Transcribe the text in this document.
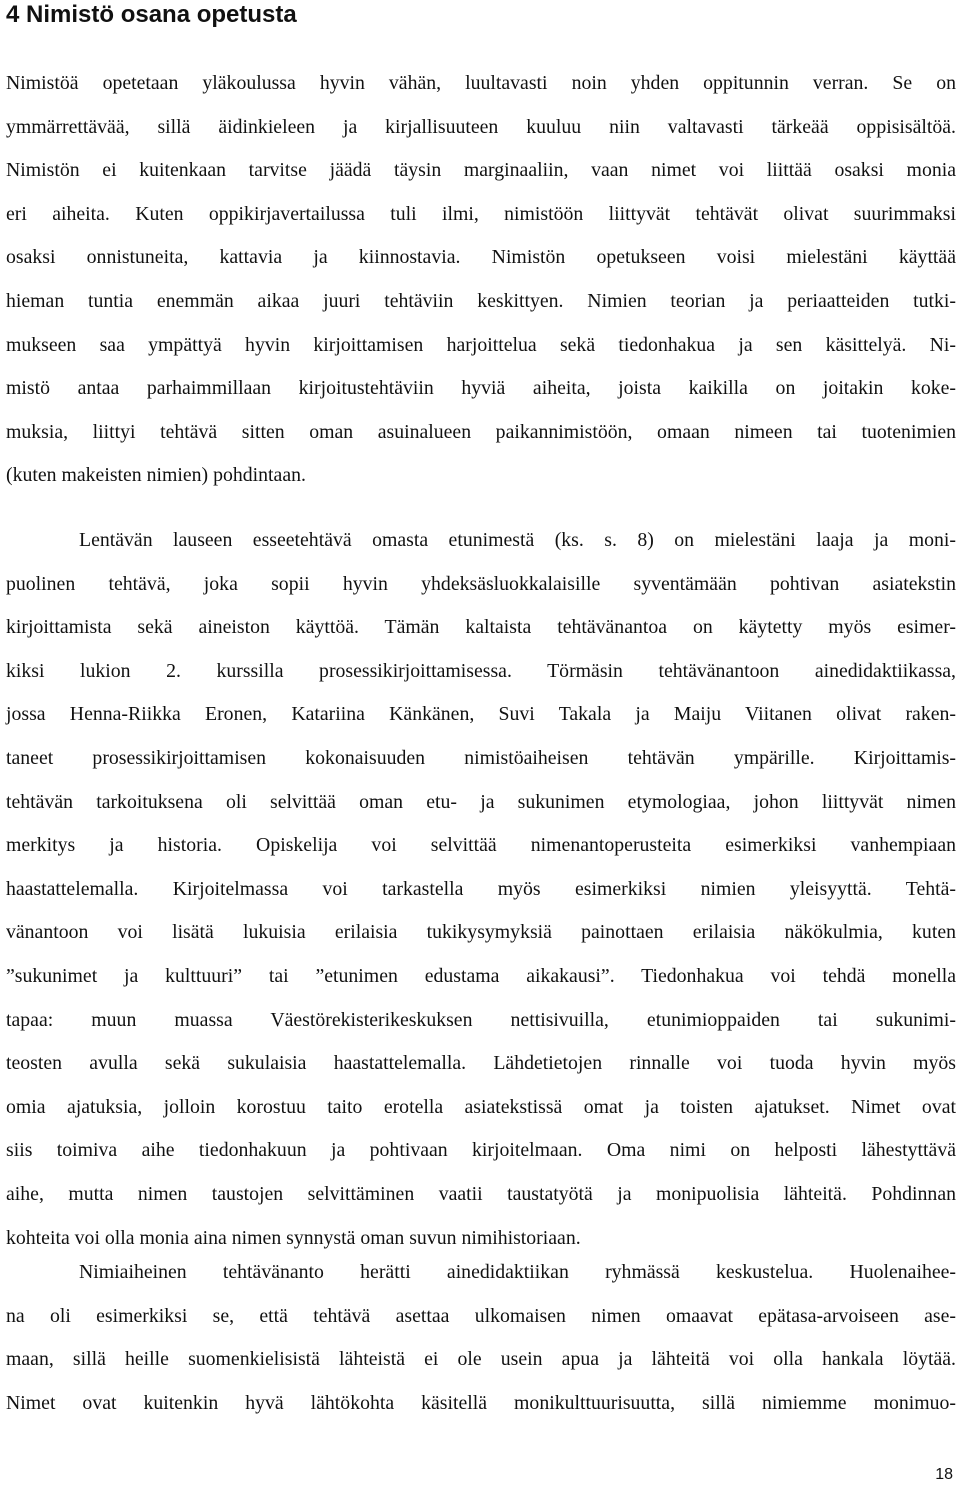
4 Nimistö osana opetusta
Nimistöä opetetaan yläkoulussa hyvin vähän, luultavasti noin yhden oppitunnin verran. Se on
ymmärrettävää, sillä äidinkieleen ja kirjallisuuteen kuuluu niin valtavasti tärkeää oppisisältöä.
Nimistön ei kuitenkaan tarvitse jäädä täysin marginaaliin, vaan nimet voi liittää osaksi monia
eri aiheita. Kuten oppikirjavertailussa tuli ilmi, nimistöön liittyvät tehtävät olivat suurimmaksi
osaksi onnistuneita, kattavia ja kiinnostavia. Nimistön opetukseen voisi mielestäni käyttää
hieman tuntia enemmän aikaa juuri tehtäviin keskittyen. Nimien teorian ja periaatteiden tutki-
mukseen saa ympättyä hyvin kirjoittamisen harjoittelua sekä tiedonhakua ja sen käsittelyä. Ni-
mistö antaa parhaimmillaan kirjoitustehtäviin hyviä aiheita, joista kaikilla on joitakin koke-
muksia, liittyi tehtävä sitten oman asuinalueen paikannimistöön, omaan nimeen tai tuotenimien
(kuten makeisten nimien) pohdintaan.
Lentävän lauseen esseetehtävä omasta etunimestä (ks. s. 8) on mielestäni laaja ja moni-
puolinen tehtävä, joka sopii hyvin yhdeksäsluokkalaisille syventämään pohtivan asiatekstin
kirjoittamista sekä aineiston käyttöä. Tämän kaltaista tehtävänantoa on käytetty myös esimer-
kiksi lukion 2. kurssilla prosessikirjoittamisessa. Törmäsin tehtävänantoon ainedidaktiikassa,
jossa Henna-Riikka Eronen, Katariina Känkänen, Suvi Takala ja Maiju Viitanen olivat raken-
taneet prosessikirjoittamisen kokonaisuuden nimistöaiheisen tehtävän ympärille. Kirjoittamis-
tehtävän tarkoituksena oli selvittää oman etu- ja sukunimen etymologiaa, johon liittyvät nimen
merkitys ja historia. Opiskelija voi selvittää nimenantoperusteita esimerkiksi vanhempiaan
haastattelemalla. Kirjoitelmassa voi tarkastella myös esimerkiksi nimien yleisyyttä. Tehtä-
vänantoon voi lisätä lukuisia erilaisia tukikysymyksiä painottaen erilaisia näkökulmia, kuten
”sukunimet ja kulttuuri” tai ”etunimen edustama aikakausi”. Tiedonhakua voi tehdä monella
tapaa: muun muassa Väestörekisterikeskuksen nettisivuilla, etunimioppaiden tai sukunimi-
teosten avulla sekä sukulaisia haastattelemalla. Lähdetietojen rinnalle voi tuoda hyvin myös
omia ajatuksia, jolloin korostuu taito erotella asiatekstissä omat ja toisten ajatukset. Nimet ovat
siis toimiva aihe tiedonhakuun ja pohtivaan kirjoitelmaan. Oma nimi on helposti lähestyttävä
aihe, mutta nimen taustojen selvittäminen vaatii taustatyötä ja monipuolisia lähteitä. Pohdinnan
kohteita voi olla monia aina nimen synnystä oman suvun nimihistoriaan.
Nimiaiheinen tehtävänanto herätti ainedidaktiikan ryhmässä keskustelua. Huolenaihee-
na oli esimerkiksi se, että tehtävä asettaa ulkomaisen nimen omaavat epätasa-arvoiseen ase-
maan, sillä heille suomenkielisistä lähteistä ei ole usein apua ja lähteitä voi olla hankala löytää.
Nimet ovat kuitenkin hyvä lähtökohta käsitellä monikulttuurisuutta, sillä nimiemme monimuo-
18
